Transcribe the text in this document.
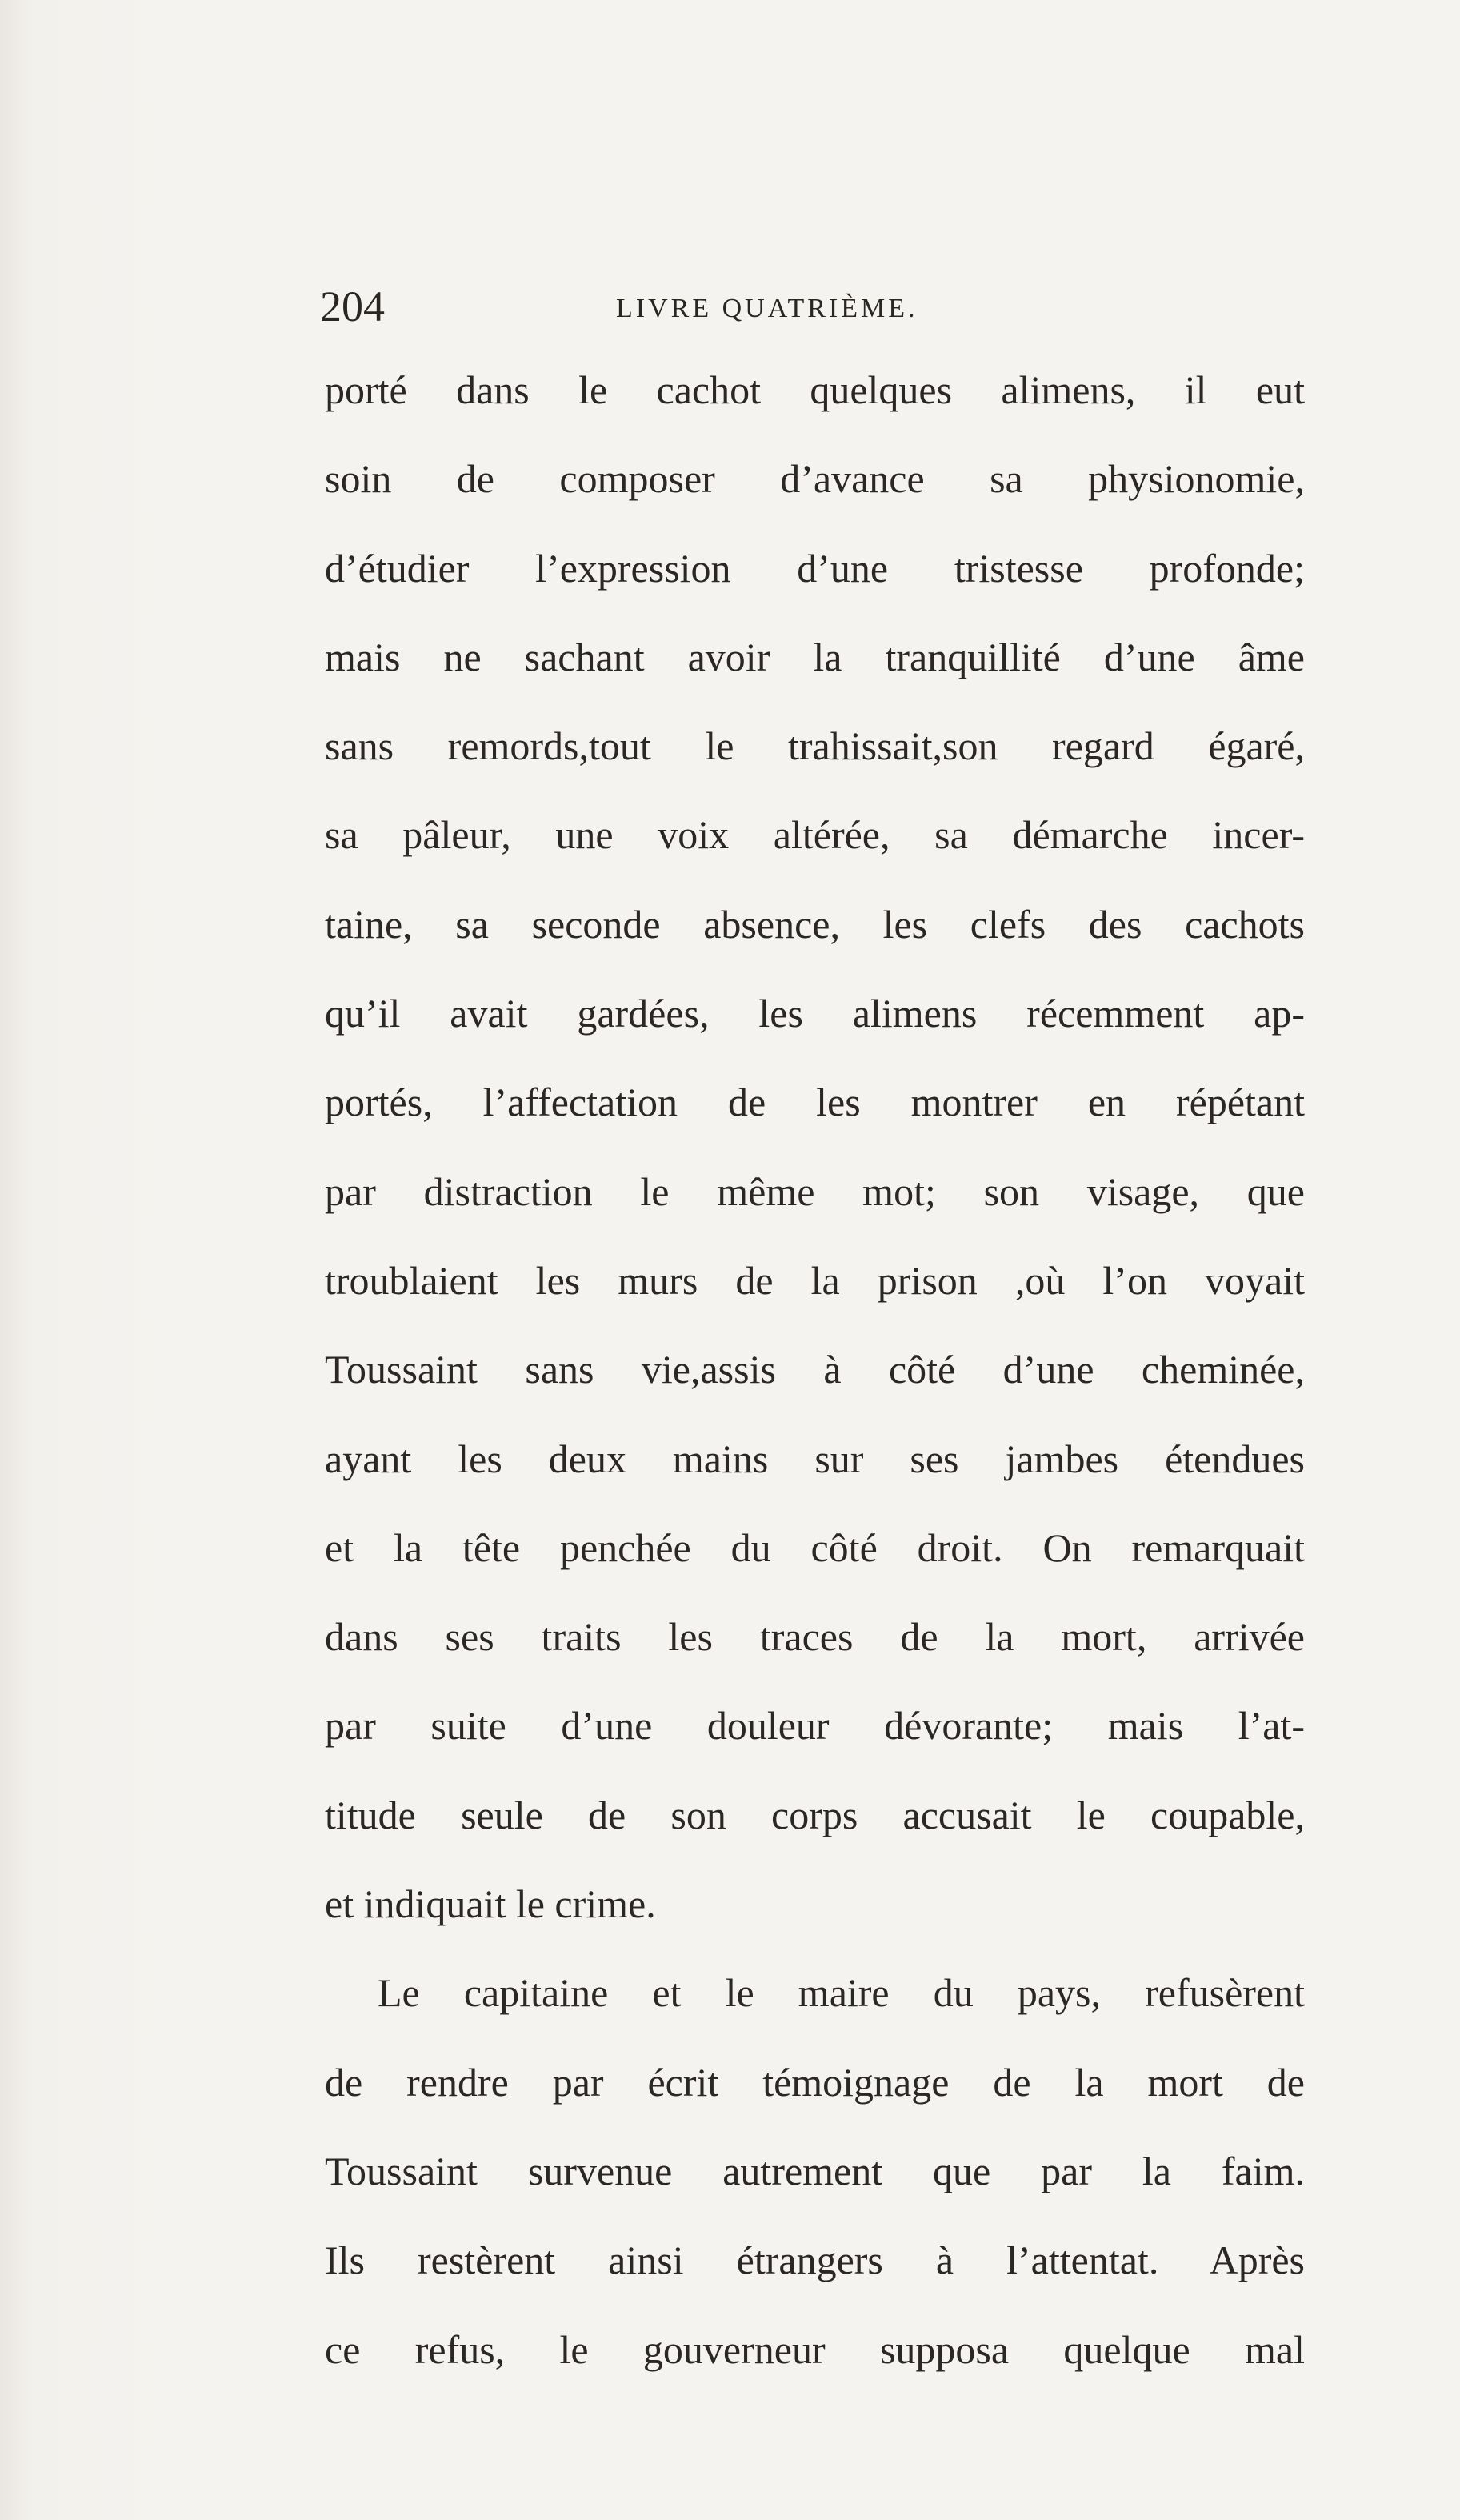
204	LIVRE QUATRIÈME.
porté dans le cachot quelques alimens, il eut
soin de composer d’avance sa physionomie,
d’étudier l’expression d’une tristesse profonde;
mais ne sachant avoir la tranquillité d’une âme
sans remords,tout le trahissait,son regard égaré,
sa pâleur, une voix altérée, sa démarche incer-
taine, sa seconde absence, les clefs des cachots
qu’il avait gardées, les alimens récemment ap-
portés, l’affectation de les montrer en répétant
par distraction le même mot; son visage, que
troublaient les murs de la prison ,où l’on voyait
Toussaint sans vie,assis à côté d’une cheminée,
ayant les deux mains sur ses jambes étendues
et la tête penchée du côté droit. On remarquait
dans ses traits les traces de la mort, arrivée
par suite d’une douleur dévorante; mais l’at-
titude seule de son corps accusait le coupable,
et indiquait le crime.
Le capitaine et le maire du pays, refusèrent
de rendre par écrit témoignage de la mort de
Toussaint survenue autrement que par la faim.
Ils restèrent ainsi étrangers à l’attentat. Après
ce refus, le gouverneur supposa quelque mal
